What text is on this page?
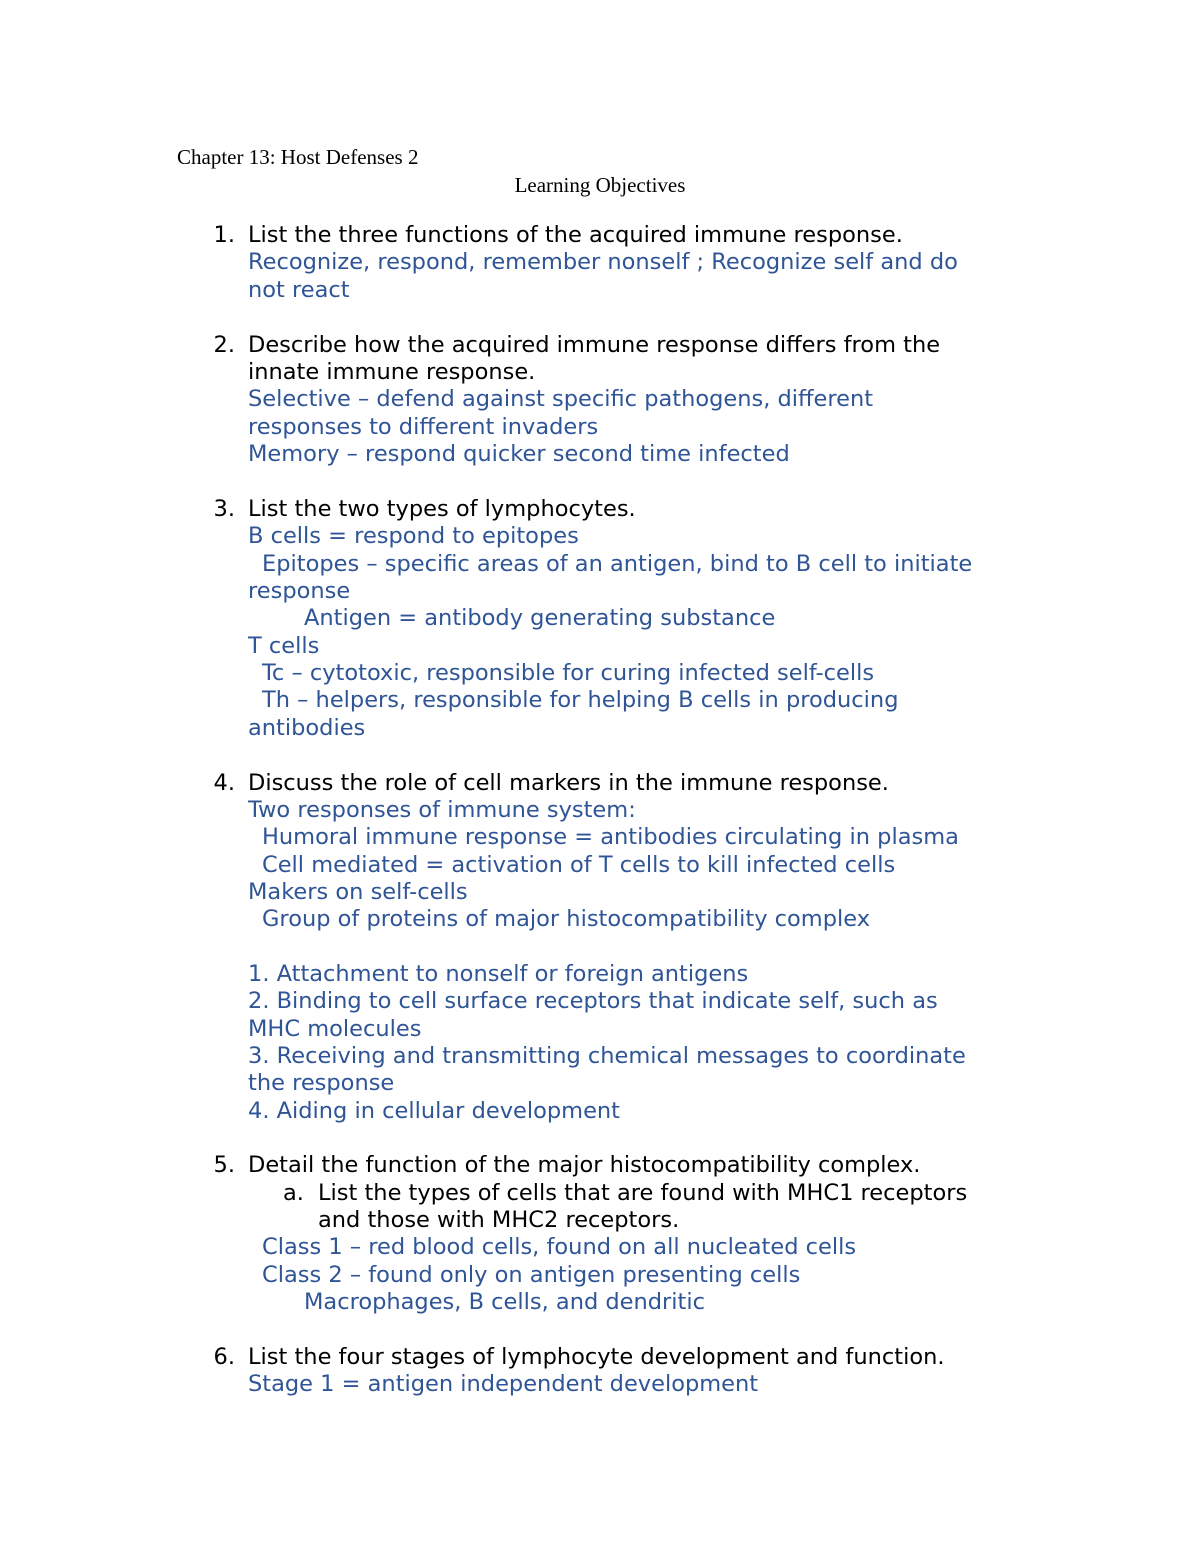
Chapter 13: Host Defenses 2
Learning Objectives
1. List the three functions of the acquired immune response.
Recognize, respond, remember nonself ; Recognize self and do
not react
2. Describe how the acquired immune response differs from the
innate immune response.
Selective – defend against specific pathogens, different
responses to different invaders
Memory – respond quicker second time infected
3. List the two types of lymphocytes.
B cells = respond to epitopes
Epitopes – specific areas of an antigen, bind to B cell to initiate
response
Antigen = antibody generating substance
T cells
Tc – cytotoxic, responsible for curing infected self-cells
Th – helpers, responsible for helping B cells in producing
antibodies
4. Discuss the role of cell markers in the immune response.
Two responses of immune system:
Humoral immune response = antibodies circulating in plasma
Cell mediated = activation of T cells to kill infected cells
Makers on self-cells
Group of proteins of major histocompatibility complex
1. Attachment to nonself or foreign antigens
2. Binding to cell surface receptors that indicate self, such as
MHC molecules
3. Receiving and transmitting chemical messages to coordinate
the response
4. Aiding in cellular development
5. Detail the function of the major histocompatibility complex.
a. List the types of cells that are found with MHC1 receptors
and those with MHC2 receptors.
Class 1 – red blood cells, found on all nucleated cells
Class 2 – found only on antigen presenting cells
Macrophages, B cells, and dendritic
6. List the four stages of lymphocyte development and function.
Stage 1 = antigen independent development
